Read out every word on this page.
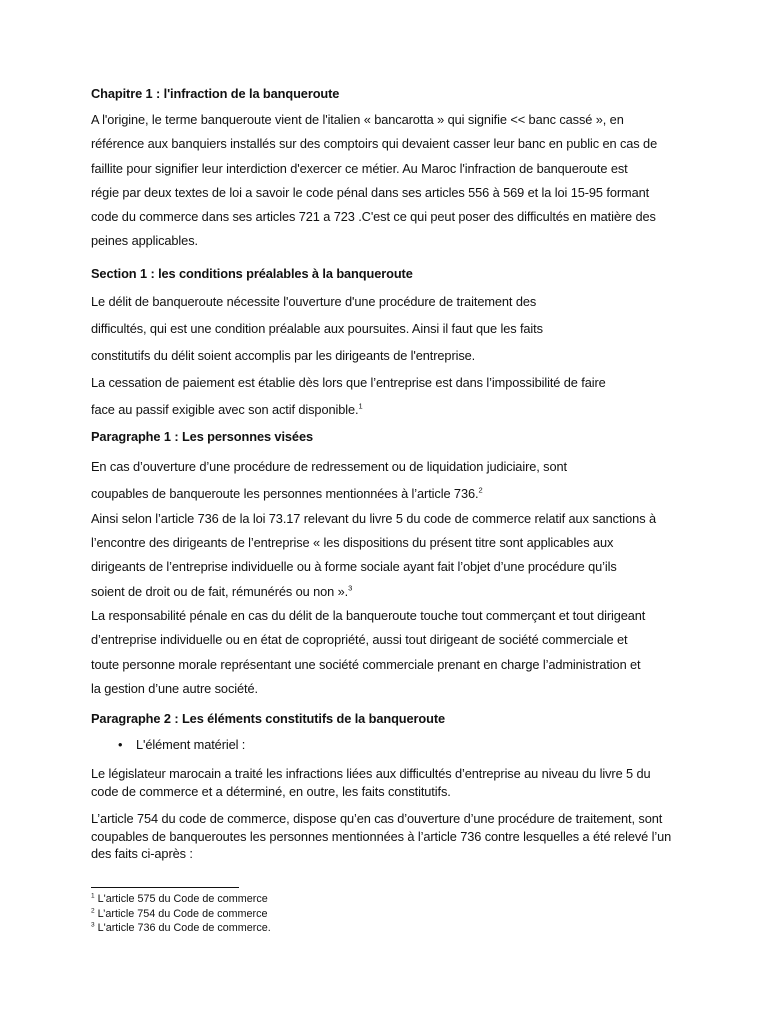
Chapitre 1 : l'infraction de la banqueroute
A l'origine, le terme banqueroute vient de l'italien « bancarotta » qui signifie << banc cassé », en
référence aux banquiers installés sur des comptoirs qui devaient casser leur banc en public en cas de
faillite pour signifier leur interdiction d'exercer ce métier. Au Maroc l'infraction de banqueroute est
régie par deux textes de loi a savoir le code pénal dans ses articles 556 à 569 et la loi 15-95 formant
code du commerce dans ses articles 721 a 723 .C'est ce qui peut poser des difficultés en matière des
peines applicables.
Section 1 : les conditions préalables à la banqueroute
Le délit de banqueroute nécessite l'ouverture d'une procédure de traitement des
difficultés, qui est une condition préalable aux poursuites. Ainsi il faut que les faits
constitutifs du délit soient accomplis par les dirigeants de l'entreprise.
La cessation de paiement est établie dès lors que l’entreprise est dans l’impossibilité de faire
face au passif exigible avec son actif disponible.$^1$
Paragraphe 1 : Les personnes visées
En cas d’ouverture d’une procédure de redressement ou de liquidation judiciaire, sont
coupables de banqueroute les personnes mentionnées à l’article 736.$^2$
Ainsi selon l’article 736 de la loi 73.17 relevant du livre 5 du code de commerce relatif aux sanctions à
l’encontre des dirigeants de l’entreprise « les dispositions du présent titre sont applicables aux
dirigeants de l’entreprise individuelle ou à forme sociale ayant fait l’objet d’une procédure qu’ils
soient de droit ou de fait, rémunérés ou non ».$^3$
La responsabilité pénale en cas du délit de la banqueroute touche tout commerçant et tout dirigeant
d’entreprise individuelle ou en état de copropriété, aussi tout dirigeant de société commerciale et
toute personne morale représentant une société commerciale prenant en charge l’administration et
la gestion d’une autre société.
Paragraphe 2 : Les éléments constitutifs de la banqueroute
• L'élément matériel :
Le législateur marocain a traité les infractions liées aux difficultés d’entreprise au niveau du livre 5 du code de commerce et a déterminé, en outre, les faits constitutifs.
L’article 754 du code de commerce, dispose qu’en cas d’ouverture d’une procédure de traitement, sont coupables de banqueroutes les personnes mentionnées à l’article 736 contre lesquelles a été relevé l’un des faits ci-après :
$^1$ L'article 575 du Code de commerce
$^2$ L’article 754 du Code de commerce
$^3$ L'article 736 du Code de commerce.
